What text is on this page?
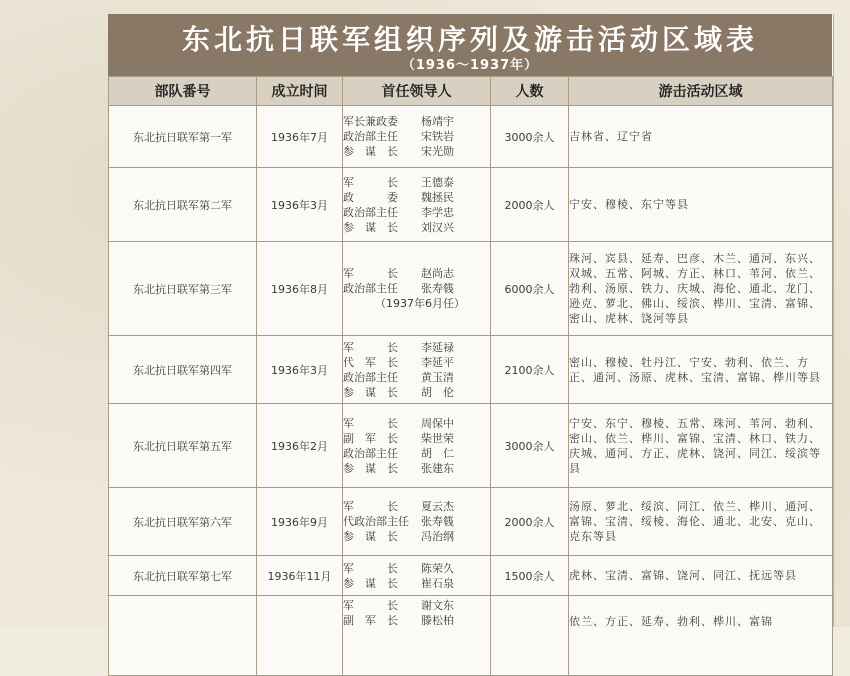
东北抗日联军组织序列及游击活动区域表
（1936～1937年）
部队番号	成立时间	首任领导人	人数	游击活动区域
东北抗日联军第一军	1936年7月	军长兼政委 杨靖宇
政治部主任 宋铁岩
参　谋　长 宋光勋	3000余人	吉林省、辽宁省
东北抗日联军第二军	1936年3月	军　　　长 王德泰
政　　　委 魏拯民
政治部主任 李学忠
参　谋　长 刘汉兴	2000余人	宁安、穆棱、东宁等县
东北抗日联军第三军	1936年8月	军　　　长 赵尚志
政治部主任 张寿篯
（1937年6月任）	6000余人	珠河、宾县、延寿、巴彦、木兰、通河、东兴、双城、五常、阿城、方正、林口、苇河、依兰、勃利、汤原、铁力、庆城、海伦、通北、龙门、逊克、萝北、佛山、绥滨、桦川、宝清、富锦、密山、虎林、饶河等县
东北抗日联军第四军	1936年3月	军　　　长 李延禄
代　军　长 李延平
政治部主任 黄玉清
参　谋　长 胡　伦	2100余人	密山、穆棱、牡丹江、宁安、勃利、依兰、方正、通河、汤原、虎林、宝清、富锦、桦川等县
东北抗日联军第五军	1936年2月	军　　　长 周保中
副　军　长 柴世荣
政治部主任 胡　仁
参　谋　长 张建东	3000余人	宁安、东宁、穆棱、五常、珠河、苇河、勃利、密山、依兰、桦川、富锦、宝清、林口、铁力、庆城、通河、方正、虎林、饶河、同江、绥滨等县
东北抗日联军第六军	1936年9月	军　　　长 夏云杰
代政治部主任 张寿篯
参　谋　长 冯治纲	2000余人	汤原、萝北、绥滨、同江、依兰、桦川、通河、富锦、宝清、绥棱、海伦、通北、北安、克山、克东等县
东北抗日联军第七军	1936年11月	军　　　长 陈荣久
参　谋　长 崔石泉	1500余人	虎林、宝清、富锦、饶河、同江、抚远等县

		军　　　长 谢文东
副　军　长 滕松柏		依兰、方正、延寿、勃利、桦川、富锦
